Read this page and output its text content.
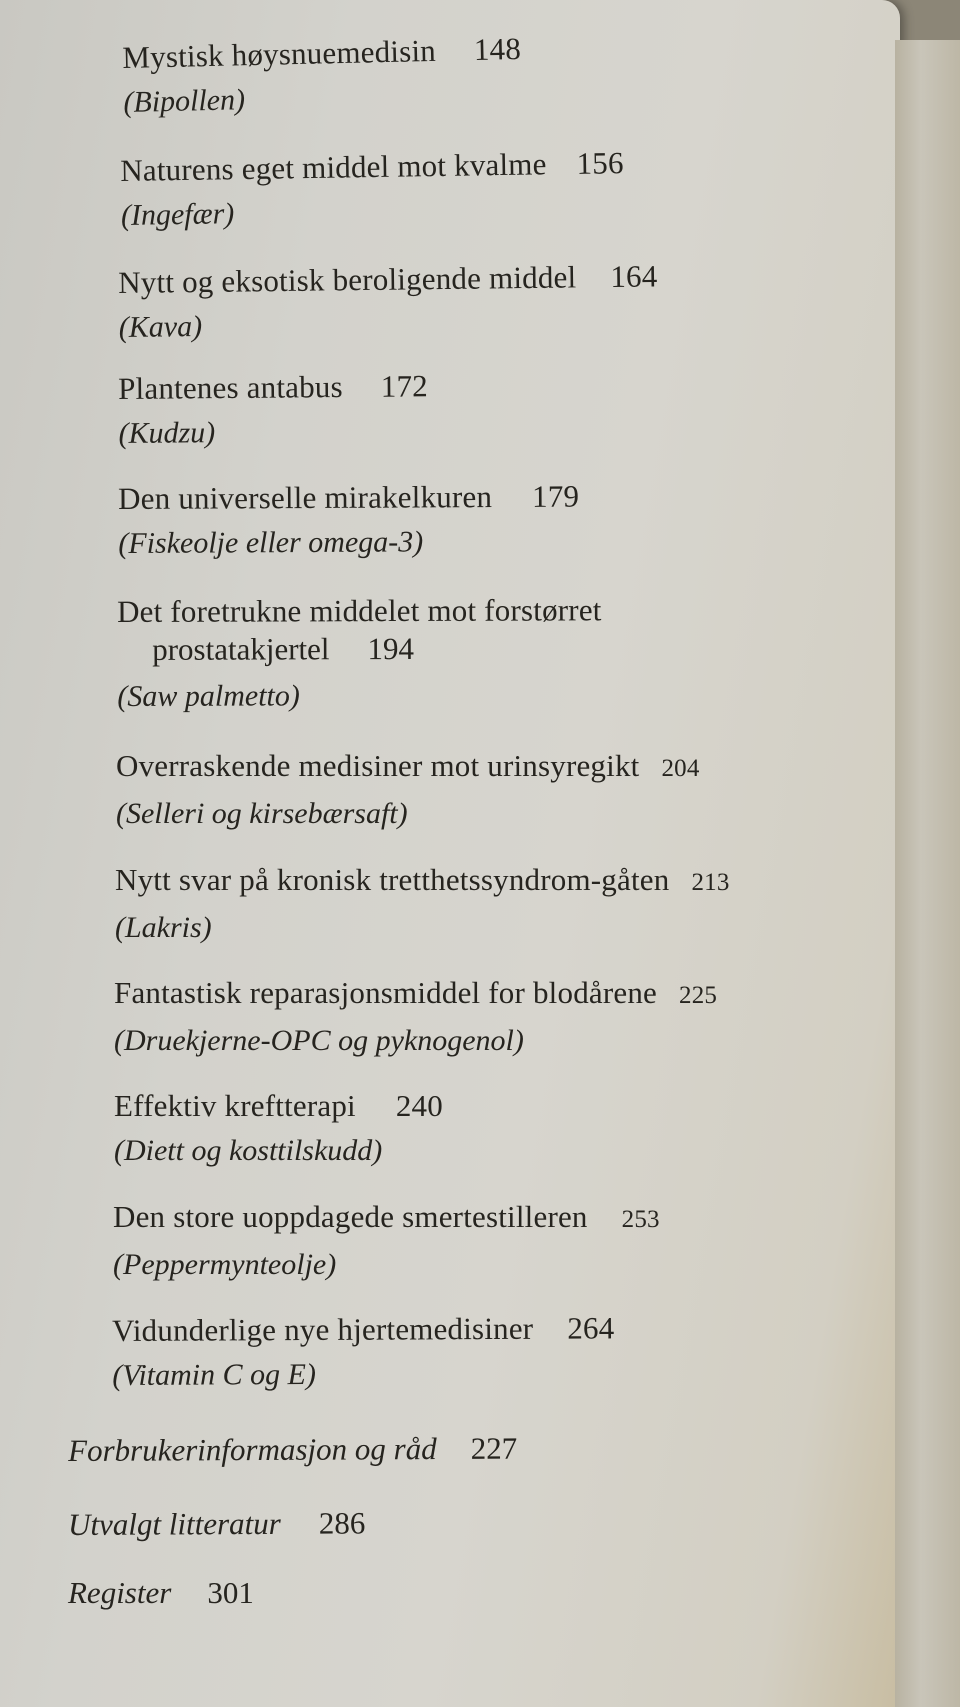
Mystisk høysnuemedisin 148
(Bipollen)
Naturens eget middel mot kvalme 156
(Ingefær)
Nytt og eksotisk beroligende middel 164
(Kava)
Plantenes antabus 172
(Kudzu)
Den universelle mirakelkuren 179
(Fiskeolje eller omega-3)
Det foretrukne middelet mot forstørret
prostatakjertel 194
(Saw palmetto)
Overraskende medisiner mot urinsyregikt 204
(Selleri og kirsebærsaft)
Nytt svar på kronisk tretthetssyndrom-gåten 213
(Lakris)
Fantastisk reparasjonsmiddel for blodårene 225
(Druekjerne-OPC og pyknogenol)
Effektiv kreftterapi 240
(Diett og kosttilskudd)
Den store uoppdagede smertestilleren 253
(Peppermynteolje)
Vidunderlige nye hjertemedisiner 264
(Vitamin C og E)
Forbrukerinformasjon og råd 227
Utvalgt litteratur 286
Register 301
